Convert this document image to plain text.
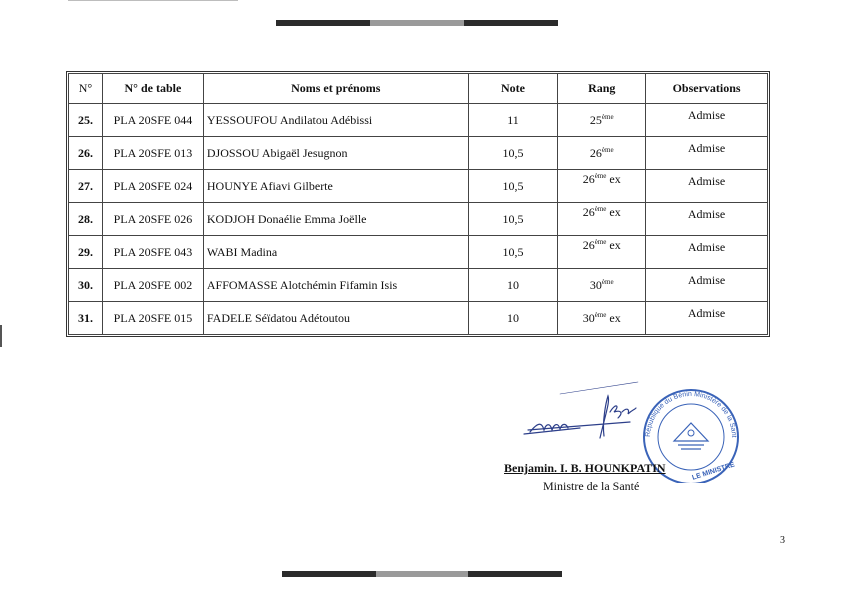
N°	N° de table	Noms et prénoms	Note	Rang	Observations
25.	PLA 20SFE 044	YESSOUFOU Andilatou Adébissi	11	25ème	Admise
26.	PLA 20SFE 013	DJOSSOU Abigaël Jesugnon	10,5	26ème	Admise
27.	PLA 20SFE 024	HOUNYE Afiavi Gilberte	10,5	26ème ex	Admise
28.	PLA 20SFE 026	KODJOH Donaélie Emma Joëlle	10,5	26ème ex	Admise
29.	PLA 20SFE 043	WABI Madina	10,5	26ème ex	Admise
30.	PLA 20SFE 002	AFFOMASSE Alotchémin Fifamin Isis	10	30ème	Admise
31.	PLA 20SFE 015	FADELE Séïdatou Adétoutou	10	30ème ex	Admise
République du Bénin Ministère de la Sant
LE MINISTRE
Benjamin. I. B. HOUNKPATIN
Ministre de la Santé
3
